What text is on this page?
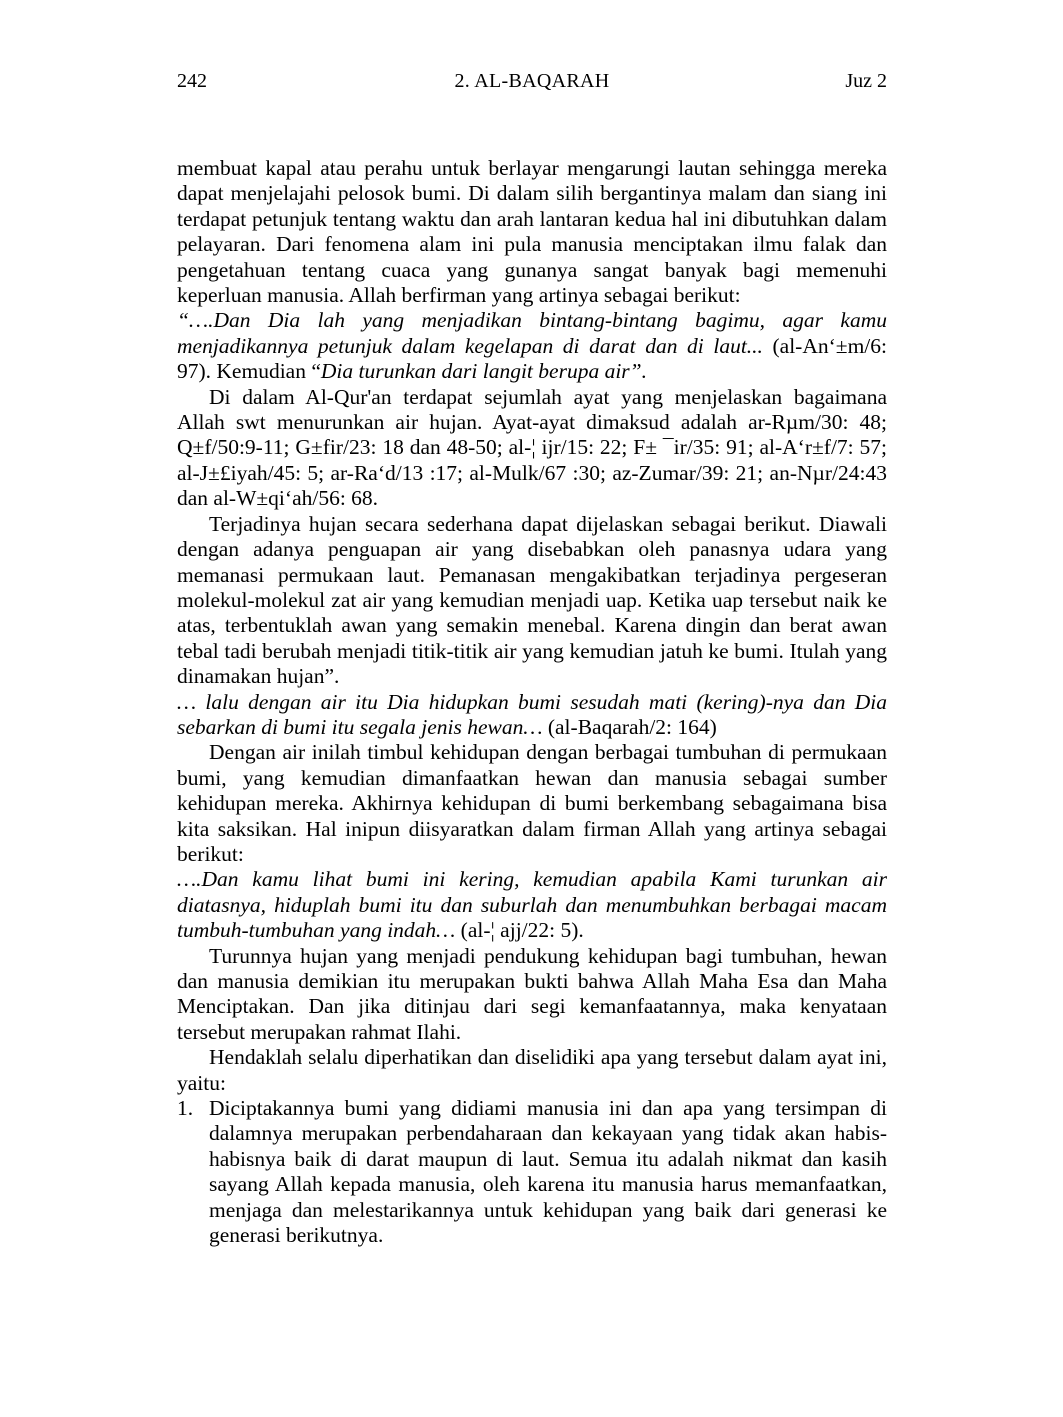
242	2. AL-BAQARAH	Juz 2

membuat kapal atau perahu untuk berlayar mengarungi lautan sehingga mereka dapat menjelajahi pelosok bumi. Di dalam silih bergantinya malam dan siang ini terdapat petunjuk tentang waktu dan arah lantaran kedua hal ini dibutuhkan dalam pelayaran. Dari fenomena alam ini pula manusia menciptakan ilmu falak dan pengetahuan tentang cuaca yang gunanya sangat banyak bagi memenuhi keperluan manusia. Allah berfirman yang artinya sebagai berikut:

“….Dan Dia lah yang menjadikan bintang-bintang bagimu, agar kamu menjadikannya petunjuk dalam kegelapan di darat dan di laut... (al-An‘±m/6: 97). Kemudian “Dia turunkan dari langit berupa air”.

Di dalam Al-Qur'an terdapat sejumlah ayat yang menjelaskan bagaimana Allah swt menurunkan air hujan. Ayat-ayat dimaksud adalah ar-Rµm/30: 48; Q±f/50:9-11; G±fir/23: 18 dan 48-50; al-¦ ijr/15: 22; F± ¯ir/35: 91; al-A‘r±f/7: 57; al-J±£iyah/45: 5; ar-Ra‘d/13 :17; al-Mulk/67 :30; az-Zumar/39: 21; an-Nµr/24:43 dan al-W±qi‘ah/56: 68.

Terjadinya hujan secara sederhana dapat dijelaskan sebagai berikut. Diawali dengan adanya penguapan air yang disebabkan oleh panasnya udara yang memanasi permukaan laut. Pemanasan mengakibatkan terjadinya pergeseran molekul-molekul zat air yang kemudian menjadi uap. Ketika uap tersebut naik ke atas, terbentuklah awan yang semakin menebal. Karena dingin dan berat awan tebal tadi berubah menjadi titik-titik air yang kemudian jatuh ke bumi. Itulah yang dinamakan hujan”.

… lalu dengan air itu Dia hidupkan bumi sesudah mati (kering)-nya dan Dia sebarkan di bumi itu segala jenis hewan… (al-Baqarah/2: 164)

Dengan air inilah timbul kehidupan dengan berbagai tumbuhan di permukaan bumi, yang kemudian dimanfaatkan hewan dan manusia sebagai sumber kehidupan mereka. Akhirnya kehidupan di bumi berkembang sebagaimana bisa kita saksikan. Hal inipun diisyaratkan dalam firman Allah yang artinya sebagai berikut:

….Dan kamu lihat bumi ini kering, kemudian apabila Kami turunkan air diatasnya, hiduplah bumi itu dan suburlah dan menumbuhkan berbagai macam tumbuh-tumbuhan yang indah… (al-¦ ajj/22: 5).

Turunnya hujan yang menjadi pendukung kehidupan bagi tumbuhan, hewan dan manusia demikian itu merupakan bukti bahwa Allah Maha Esa dan Maha Menciptakan. Dan jika ditinjau dari segi kemanfaatannya, maka kenyataan tersebut merupakan rahmat Ilahi.

Hendaklah selalu diperhatikan dan diselidiki apa yang tersebut dalam ayat ini, yaitu:

1. Diciptakannya bumi yang didiami manusia ini dan apa yang tersimpan di dalamnya merupakan perbendaharaan dan kekayaan yang tidak akan habis-habisnya baik di darat maupun di laut. Semua itu adalah nikmat dan kasih sayang Allah kepada manusia, oleh karena itu manusia harus memanfaatkan, menjaga dan melestarikannya untuk kehidupan yang baik dari generasi ke generasi berikutnya.
